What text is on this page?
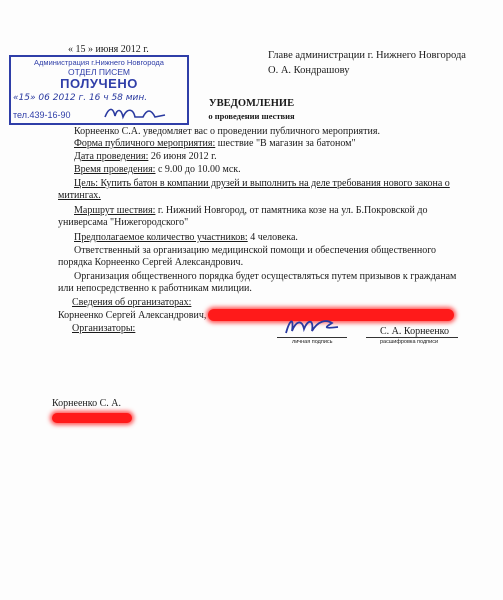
« 15 » июня 2012 г.
Администрация г.Нижнего Новгорода
ОТДЕЛ ПИСЕМ
ПОЛУЧЕНО
«15» 06 2012 г. 16 ч 58 мин.
тел.439-16-90
Главе администрации г. Нижнего Новгорода
О. А. Кондрашову
УВЕДОМЛЕНИЕ
о проведении шествия
Корнеенко С.А. уведомляет вас о проведении публичного мероприятия.
Форма публичного мероприятия: шествие "В магазин за батоном"
Дата проведения: 26 июня 2012 г.
Время проведения: с 9.00 до 10.00 мск.
Цель: Купить батон в компании друзей и выполнить на деле требования нового закона о
митингах.
Маршрут шествия: г. Нижний Новгород, от памятника козе на ул. Б.Покровской до
универсама "Нижегородского"
Предполагаемое количество участников: 4 человека.
Ответственный за организацию медицинской помощи и обеспечения общественного
порядка Корнеенко Сергей Александрович.
Организация общественного порядка будет осуществляться путем призывов к гражданам
или непосредственно к работникам милиции.
Сведения об организаторах:
Корнеенко Сергей Александрович,
Организаторы:
личная подпись
С. А. Корнеенко
расшифровка подписи
Корнеенко С. А.
